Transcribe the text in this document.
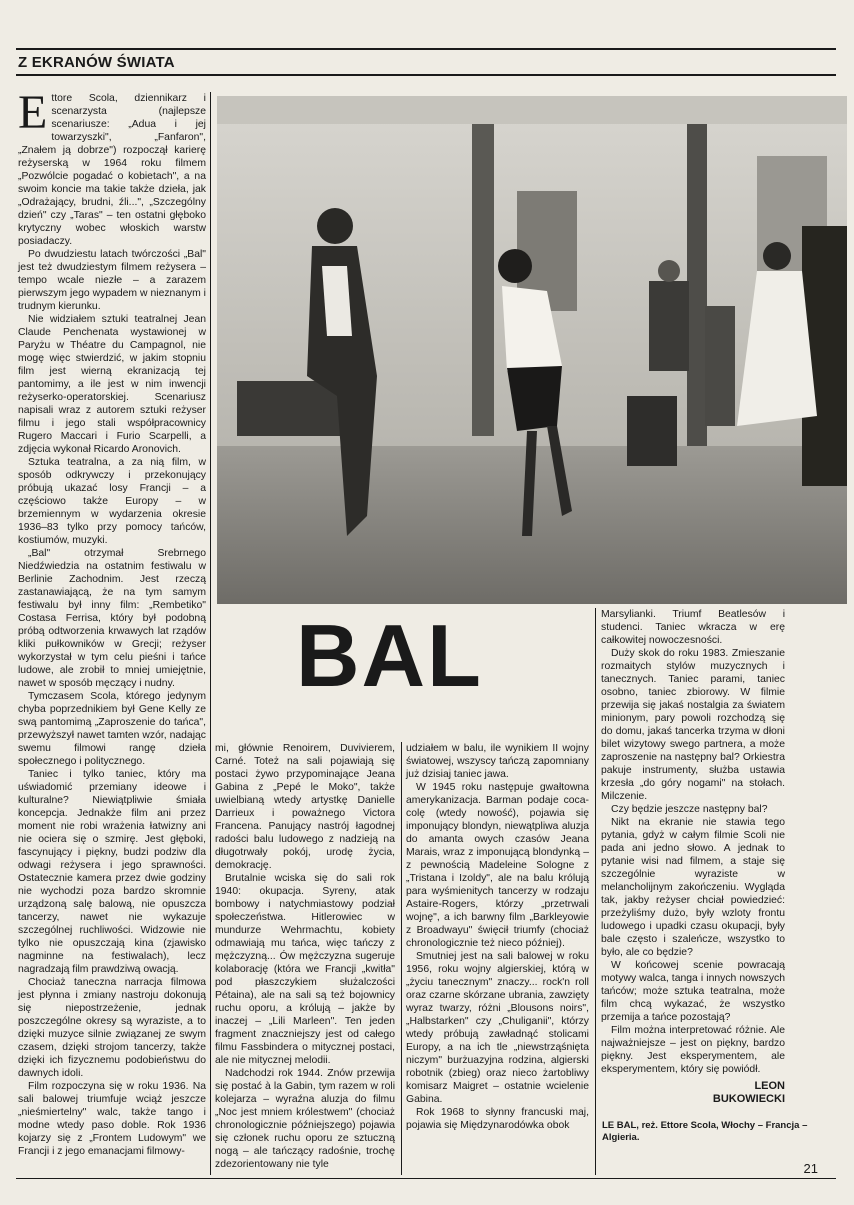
Z EKRANÓW ŚWIATA

Ettore Scola, dziennikarz i scenarzysta (najlepsze scenariusze: „Adua i jej towarzyszki", „Fanfaron", „Znałem ją dobrze") rozpoczął karierę reżyserską w 1964 roku filmem „Pozwólcie pogadać o kobietach", a na swoim koncie ma takie także dzieła, jak „Odrażający, brudni, źli...", „Szczególny dzień" czy „Taras" – ten ostatni głęboko krytyczny wobec włoskich warstw posiadaczy.

Po dwudziestu latach twórczości „Bal" jest też dwudziestym filmem reżysera – tempo wcale niezłe – a zarazem pierwszym jego wypadem w nieznanym i trudnym kierunku.

Nie widziałem sztuki teatralnej Jean Claude Penchenata wystawionej w Paryżu w Théatre du Campagnol, nie mogę więc stwierdzić, w jakim stopniu film jest wierną ekranizacją tej pantomimy, a ile jest w nim inwencji reżyserko-operatorskiej. Scenariusz napisali wraz z autorem sztuki reżyser filmu i jego stali współpracownicy Rugero Maccari i Furio Scarpelli, a zdjęcia wykonał Ricardo Aronovich.

Sztuka teatralna, a za nią film, w sposób odkrywczy i przekonujący próbują ukazać losy Francji – a częściowo także Europy – w brzemiennym w wydarzenia okresie 1936–83 tylko przy pomocy tańców, kostiumów, muzyki.

„Bal" otrzymał Srebrnego Niedźwiedzia na ostatnim festiwalu w Berlinie Zachodnim. Jest rzeczą zastanawiającą, że na tym samym festiwalu był inny film: „Rembetiko" Costasa Ferrisa, który był podobną próbą odtworzenia krwawych lat rządów kliki pułkowników w Grecji; reżyser wykorzystał w tym celu pieśni i tańce ludowe, ale zrobił to mniej umiejętnie, nawet w sposób męczący i nudny.

Tymczasem Scola, którego jedynym chyba poprzednikiem był Gene Kelly ze swą pantomimą „Zaproszenie do tańca", przewyższył nawet tamten wzór, nadając swemu filmowi rangę dzieła społecznego i politycznego.

Taniec i tylko taniec, który ma uświadomić przemiany ideowe i kulturalne? Niewiątpliwie śmiała koncepcja. Jednakże film ani przez moment nie robi wrażenia łatwizny ani nie ociera się o szmirę. Jest głęboki, fascynujący i piękny, budzi podziw dla odwagi reżysera i jego sprawności. Ostatecznie kamera przez dwie godziny nie wychodzi poza bardzo skromnie urządzoną salę balową, nie opuszcza tancerzy, nawet nie wykazuje szczególnej ruchliwości. Widzowie nie tylko nie opuszczają kina (zjawisko nagminne na festiwalach), lecz nagradzają film prawdziwą owacją.

Chociaż taneczna narracja filmowa jest płynna i zmiany nastroju dokonują się niepostrzeżenie, jednak poszczególne okresy są wyraziste, a to dzięki muzyce silnie związanej ze swym czasem, dzięki strojom tancerzy, także dzięki ich fizycznemu podobieństwu do dawnych idoli.

Film rozpoczyna się w roku 1936. Na sali balowej triumfuje wciąż jeszcze „nieśmiertelny" walc, także tango i modne wtedy paso doble. Rok 1936 kojarzy się z „Frontem Ludowym" we Francji i z jego emanacjami filmowy-

BAL

mi, głównie Renoirem, Duvivierem, Carné. Toteż na sali pojawiają się postaci żywo przypominające Jeana Gabina z „Pepé le Moko", także uwielbianą wtedy artystkę Danielle Darrieux i poważnego Victora Francena. Panujący nastrój łagodnej radości balu ludowego z nadzieją na długotrwały pokój, urodę życia, demokrację.

Brutalnie wciska się do sali rok 1940: okupacja. Syreny, atak bombowy i natychmiastowy podział społeczeństwa. Hitlerowiec w mundurze Wehrmachtu, kobiety odmawiają mu tańca, więc tańczy z mężczyzną... Ów mężczyzna sugeruje kolaborację (która we Francji „kwitła" pod płaszczykiem służalczości Pétaina), ale na sali są też bojownicy ruchu oporu, a królują – jakże by inaczej – „Lili Marleen". Ten jeden fragment znaczniejszy jest od całego filmu Fassbindera o mitycznej postaci, ale nie mitycznej melodii.

Nadchodzi rok 1944. Znów przewija się postać à la Gabin, tym razem w roli kolejarza – wyraźna aluzja do filmu „Noc jest mniem królestwem" (chociaż chronologicznie późniejszego) pojawia się członek ruchu oporu ze sztuczną nogą – ale tańczący radośnie, trochę zdezorientowany nie tyle

udziałem w balu, ile wynikiem II wojny światowej, wszyscy tańczą zapomniany już dzisiaj taniec jawa.

W 1945 roku następuje gwałtowna amerykanizacja. Barman podaje coca-colę (wtedy nowość), pojawia się imponujący blondyn, niewątpliwa aluzja do amanta owych czasów Jeana Marais, wraz z imponującą blondynką – z pewnością Madeleine Sologne z „Tristana i Izoldy", ale na balu królują para wyśmienitych tancerzy w rodzaju Astaire-Rogers, którzy „przetrwali wojnę", a ich barwny film „Barkleyowie z Broadwayu" święcił triumfy (chociaż chronologicznie też nieco później).

Smutniej jest na sali balowej w roku 1956, roku wojny algierskiej, którą w „życiu tanecznym" znaczy... rock'n roll oraz czarne skórzane ubrania, zawzięty wyraz twarzy, różni „Blousons noirs", „Halbstarken" czy „Chuliganii", którzy wtedy próbują zawładnąć stolicami Europy, a na ich tle „niewstrząśnięta niczym" burżuazyjna rodzina, algierski robotnik (zbieg) oraz nieco żartobliwy komisarz Maigret – ostatnie wcielenie Gabina.

Rok 1968 to słynny francuski maj, pojawia się Międzynarodówka obok

Marsylianki. Triumf Beatlesów i studenci. Taniec wkracza w erę całkowitej nowoczesności.

Duży skok do roku 1983. Zmieszanie rozmaitych stylów muzycznych i tanecznych. Taniec parami, taniec osobno, taniec zbiorowy. W filmie przewija się jakaś nostalgia za światem minionym, pary powoli rozchodzą się do domu, jakaś tancerka trzyma w dłoni bilet wizytowy swego partnera, a może zaproszenie na następny bal? Orkiestra pakuje instrumenty, służba ustawia krzesła „do góry nogami" na stołach. Milczenie.

Czy będzie jeszcze następny bal?

Nikt na ekranie nie stawia tego pytania, gdyż w całym filmie Scoli nie pada ani jedno słowo. A jednak to pytanie wisi nad filmem, a staje się szczególnie wyraziste w melancholijnym zakończeniu. Wygląda tak, jakby reżyser chciał powiedzieć: przeżyliśmy dużo, były wzloty frontu ludowego i upadki czasu okupacji, były bale często i szaleńcze, wszystko to było, ale co będzie?

W końcowej scenie powracają motywy walca, tanga i innych nowszych tańców; może sztuka teatralna, może film chcą wykazać, że wszystko przemija a tańce pozostają?

Film można interpretować różnie. Ale najważniejsze – jest on piękny, bardzo piękny. Jest eksperymentem, ale eksperymentem, który się powiódł.

LEON
BUKOWIECKI
LE BAL, reż. Ettore Scola, Włochy – Francja – Algieria.
21
